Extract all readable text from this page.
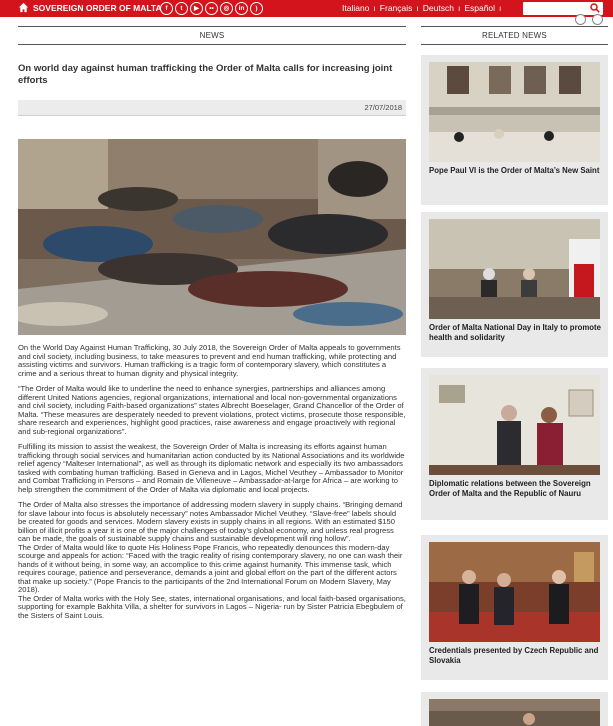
SOVEREIGN ORDER OF MALTA f	t	▶	••	◎	in	)	Italiano ı Français ı Deutsch ı Español ı
NEWS	RELATED NEWS
On world day against human trafficking the Order of Malta calls for increasing joint efforts
27/07/2018

On the World Day Against Human Trafficking, 30 July 2018, the Sovereign Order of Malta appeals to governments and civil society, including business, to take measures to prevent and end human trafficking, while protecting and assisting victims and survivors. Human trafficking is a tragic form of contemporary slavery, which constitutes a crime and a serious threat to human dignity and physical integrity.

“The Order of Malta would like to underline the need to enhance synergies, partnerships and alliances among different United Nations agencies, regional organizations, international and local non-governmental organizations and civil society, including Faith-based organizations” states Albrecht Boeselager, Grand Chancellor of the Order of Malta. “These measures are desperately needed to prevent violations, protect victims, prosecute those responsible, share research and experiences, highlight good practices, raise awareness and engage proactively with regional and sub-regional organizations”.

Fulfilling its mission to assist the weakest, the Sovereign Order of Malta is increasing its efforts against human trafficking through social services and humanitarian action conducted by its National Associations and its worldwide relief agency “Malteser International”, as well as through its diplomatic network and especially its two ambassadors tasked with combating human trafficking. Based in Geneva and in Lagos, Michel Veuthey – Ambassador to Monitor and Combat Trafficking in Persons – and Romain de Villeneuve – Ambassador-at-large for Africa – are working to help strengthen the commitment of the Order of Malta via diplomatic and local projects.

The Order of Malta also stresses the importance of addressing modern slavery in supply chains. “Bringing demand for slave labour into focus is absolutely necessary” notes Ambassador Michel Veuthey. “Slave-free” labels should be created for goods and services. Modern slavery exists in supply chains in all regions. With an estimated $150 billion of illicit profits a year it is one of the major challenges of today’s global economy, and unless real progress can be made, the goals of sustainable supply chains and sustainable development will ring hollow”.
The Order of Malta would like to quote His Holiness Pope Francis, who repeatedly denounces this modern-day scourge and appeals for action: “Faced with the tragic reality of rising contemporary slavery, no one can wash their hands of it without being, in some way, an accomplice to this crime against humanity. This immense task, which requires courage, patience and perseverance, demands a joint and global effort on the part of the different actors that make up society.” (Pope Francis to the participants of the 2nd International Forum on Modern Slavery, May 2018).
The Order of Malta works with the Holy See, states, international organisations, and local faith-based organisations, supporting for example Bakhita Villa, a shelter for survivors in Lagos – Nigeria- run by Sister Patricia Ebegbulem of the Sisters of Saint Louis.

Pope Paul VI is the Order of Malta’s New Saint
Order of Malta National Day in Italy to promote health and solidarity
Diplomatic relations between the Sovereign Order of Malta and the Republic of Nauru
Credentials presented by Czech Republic and Slovakia
